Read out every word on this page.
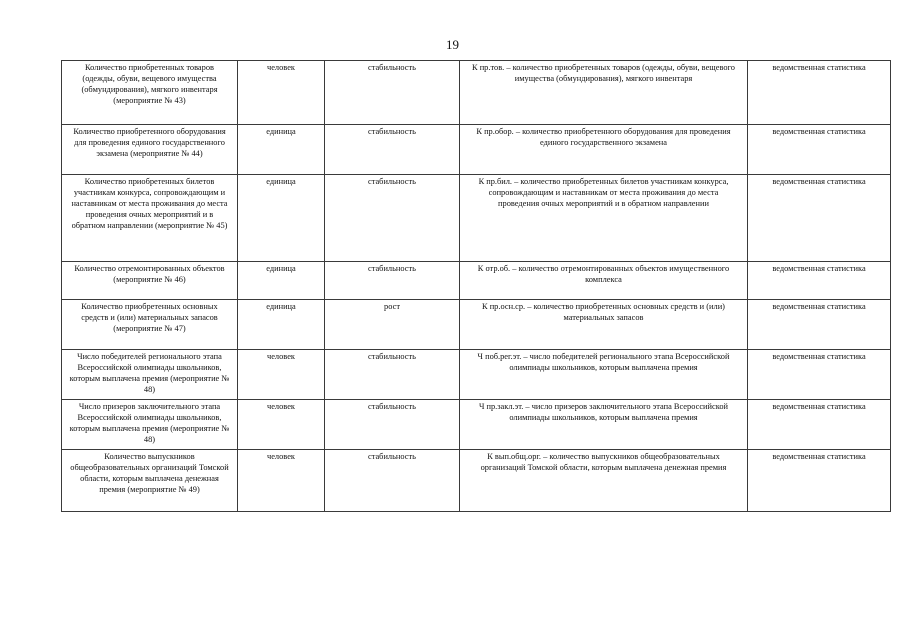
19
Количество приобретенных товаров (одежды, обуви, вещевого имущества (обмундирования), мягкого инвентаря (мероприятие № 43)	человек	стабильность	К пр.тов. – количество приобретенных товаров (одежды, обуви, вещевого имущества (обмундирования), мягкого инвентаря	ведомственная статистика
Количество приобретенного оборудования для проведения единого государственного экзамена (мероприятие № 44)	единица	стабильность	К пр.обор. – количество приобретенного оборудования для проведения единого государственного экзамена	ведомственная статистика
Количество приобретенных билетов участникам конкурса, сопровождающим и наставникам от места проживания до места проведения очных мероприятий и в обратном направлении (мероприятие № 45)	единица	стабильность	К пр.бил. – количество приобретенных билетов участникам конкурса, сопровождающим и наставникам от места проживания до места проведения очных мероприятий и в обратном направлении	ведомственная статистика
Количество отремонтированных объектов (мероприятие № 46)	единица	стабильность	К отр.об. – количество отремонтированных объектов имущественного комплекса	ведомственная статистика
Количество приобретенных основных средств и (или) материальных запасов (мероприятие № 47)	единица	рост	К пр.осн.ср. – количество приобретенных основных средств и (или) материальных запасов	ведомственная статистика
Число победителей регионального этапа Всероссийской олимпиады школьников, которым выплачена премия (мероприятие № 48)	человек	стабильность	Ч поб.рег.эт. – число победителей регионального этапа Всероссийской олимпиады школьников, которым выплачена премия	ведомственная статистика
Число призеров заключительного этапа Всероссийской олимпиады школьников, которым выплачена премия (мероприятие № 48)	человек	стабильность	Ч пр.закл.эт. – число призеров заключительного этапа Всероссийской олимпиады школьников, которым выплачена премия	ведомственная статистика
Количество выпускников общеобразовательных организаций Томской области, которым выплачена денежная премия (мероприятие № 49)	человек	стабильность	К вып.общ.орг. – количество выпускников общеобразовательных организаций Томской области, которым выплачена денежная премия	ведомственная статистика
